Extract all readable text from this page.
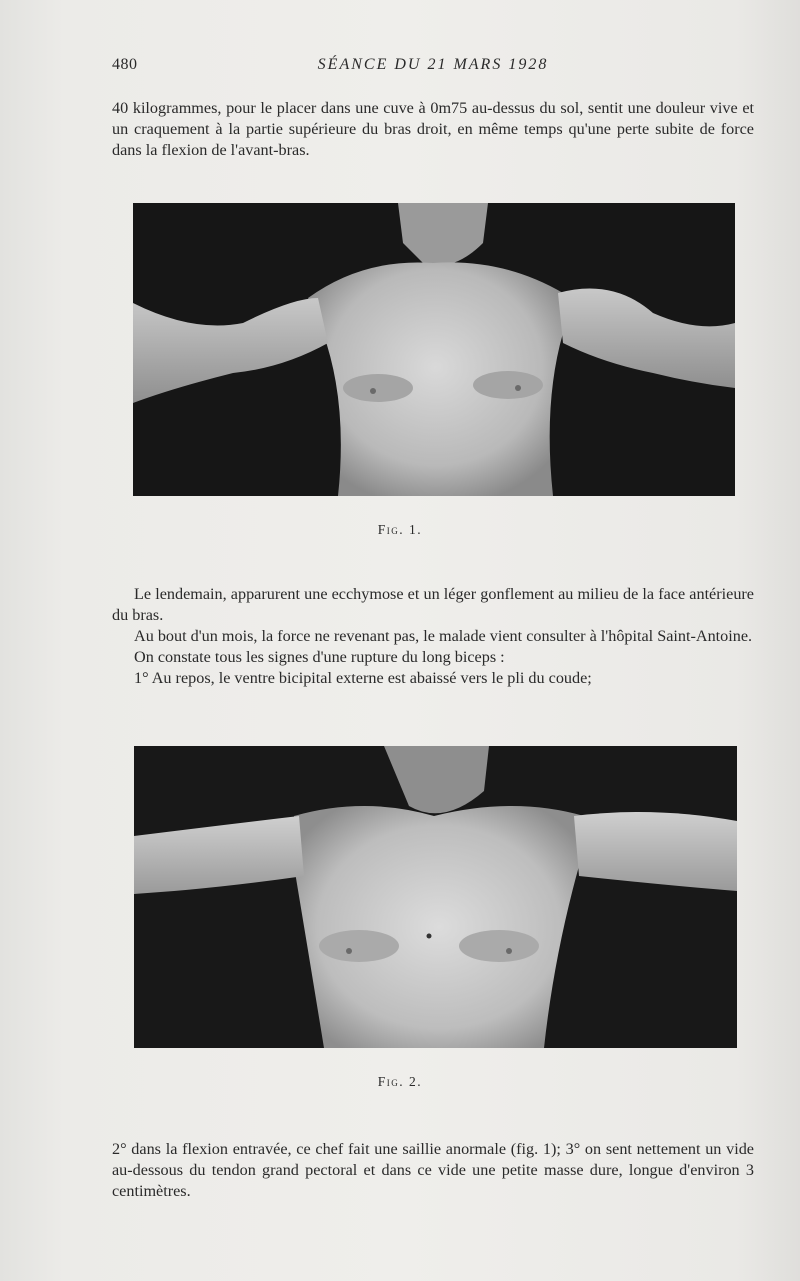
480	SÉANCE DU 21 MARS 1928

40 kilogrammes, pour le placer dans une cuve à 0m75 au-dessus du sol, sentit une douleur vive et un craquement à la partie supérieure du bras droit, en même temps qu'une perte subite de force dans la flexion de l'avant-bras.

Fig. 1.

Le lendemain, apparurent une ecchymose et un léger gonflement au milieu de la face antérieure du bras.

Au bout d'un mois, la force ne revenant pas, le malade vient consulter à l'hôpital Saint-Antoine.

On constate tous les signes d'une rupture du long biceps :

1° Au repos, le ventre bicipital externe est abaissé vers le pli du coude;

Fig. 2.

2° dans la flexion entravée, ce chef fait une saillie anormale (fig. 1); 3° on sent nettement un vide au-dessous du tendon grand pectoral et dans ce vide une petite masse dure, longue d'environ 3 centimètres.
